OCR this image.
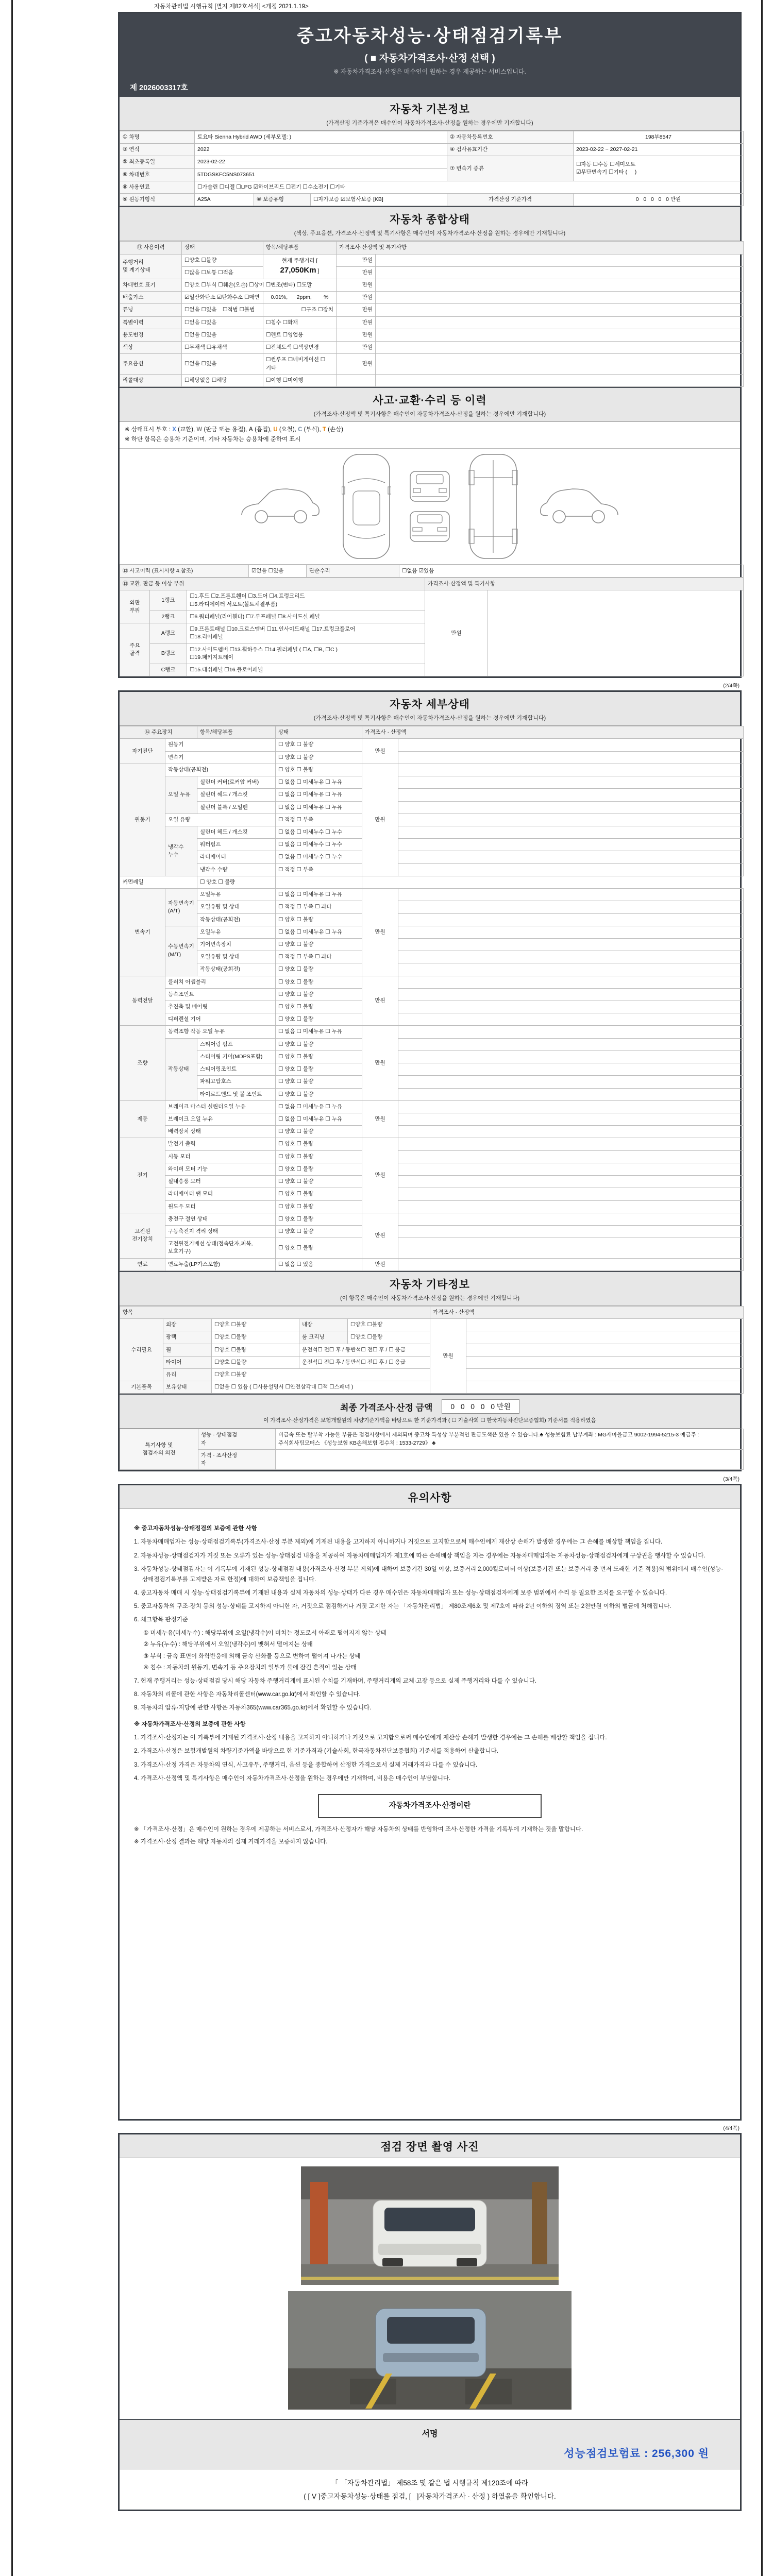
자동차관리법 시행규칙 [별지 제82호서식] <개정 2021.1.19>
중고자동차성능·상태점검기록부
( ■ 자동차가격조사·산정 선택 )
※ 자동차가격조사·산정은 매수인이 원하는 경우 제공하는 서비스입니다.
제 2026003317호
자동차 기본정보
(가격산정 기준가격은 매수인이 자동차가격조사·산정을 원하는 경우에만 기재합니다)
① 차명	토요타 Sienna Hybrid AWD (세부모델: )			② 자동차등록번호	198부8547
③ 연식	2022			④ 검사유효기간	2023-02-22 ~ 2027-02-21
⑤ 최초등록일	2023-02-22			⑦ 변속기 종류	☐자동 ☐수동 ☐세미오토
☑무단변속기 ☐기타 (     )
⑥ 차대번호	5TDGSKFC5NS073651				
⑧ 사용연료	☐가솔린 ☐디젤 ☐LPG ☑하이브리드 ☐전기 ☐수소전기 ☐기타				
⑨ 원동기형식	A25A	⑩ 보증유형	☐자가보증 ☑보험사보증 [KB]	가격산정 기준가격	0   0   0   0   0 만원
자동차 종합상태
(색상, 주요옵션, 가격조사·산정액 및 특기사항은 매수인이 자동차가격조사·산정을 원하는 경우에만 기재합니다)
⑪ 사용이력	상태	항목/해당부품	가격조사·산정액 및 특기사항	
주행거리
및 계기상태	☐양호 ☐불량	현재 주행거리 [ 27,050Km ]	만원	
	☐많음 ☐보통 ☐적음		만원	
차대번호 표기	☐양호 ☐부식 ☐훼손(오손) ☐상이 ☐변조(변타) ☐도말		만원	
배출가스	☑일산화탄소 ☑탄화수소 ☐매연	0.01%,      2ppm,        %	만원	
튜닝	☐없음 ☐있음    ☐적법 ☐불법	☐구조 ☐장치	만원	
특별이력	☐없음 ☐있음	☐침수 ☐화재	만원	
용도변경	☐없음 ☐있음	☐렌트 ☐영업용	만원	
색상	☐무채색 ☐유채색	☐전체도색 ☐색상변경	만원	
주요옵션	☐없음 ☐있음	☐썬루프 ☐네비게이션 ☐기타	만원	
리콜대상	☐해당없음 ☐해당	☐이행 ☐미이행		
사고·교환·수리 등 이력
(가격조사·산정액 및 특기사항은 매수인이 자동차가격조사·산정을 원하는 경우에만 기재합니다)
※ 상태표시 부호 : X (교환), W (판금 또는 용접), A (흠집), U (요철), C (부식), T (손상)
※ 하단 항목은 승용차 기준이며, 기타 자동차는 승용차에 준하여 표시
⑫ 사고이력 (표시사항 4.참조)	☑없음 ☐있음	단순수리	☐없음 ☑있음
⑬ 교환, 판금 등 이상 부위			가격조사·산정액 및 특기사항	
외판
부위	1랭크	☐1.후드 ☐2.프론트휀더 ☐3.도어 ☐4.트렁크리드
☐5.라디에이터 서포트(볼트체결부품)	만원	
	2랭크	☐6.쿼터패널(리어휀다) ☐7.루프패널 ☐8.사이드실 패널		
주요
골격	A랭크	☐9.프론트패널 ☐10.크로스멤버 ☐11.인사이드패널 ☐17.트렁크플로어
☐18.리어패널		
	B랭크	☐12.사이드멤버 ☐13.휠하우스 ☐14.필러패널 ( ☐A, ☐B, ☐C )
☐19.패키지트레이		
	C랭크	☐15.대쉬패널 ☐16.플로어패널		
(2/4쪽)
자동차 세부상태
(가격조사·산정액 및 특기사항은 매수인이 자동차가격조사·산정을 원하는 경우에만 기재합니다)
⑭ 주요장치		항목/해당부품	상태	가격조사 · 산정액	
자기진단	원동기		☐ 양호 ☐ 불량	만원	
	변속기		☐ 양호 ☐ 불량		
원동기	작동상태(공회전)		☐ 양호 ☐ 불량	만원	
	오일 누유	실린더 커버(로커암 커버)	☐ 없음 ☐ 미세누유 ☐ 누유		
		실린더 헤드 / 개스킷	☐ 없음 ☐ 미세누유 ☐ 누유		
		실린더 블록 / 오일팬	☐ 없음 ☐ 미세누유 ☐ 누유		
	오일 유량		☐ 적정 ☐ 부족		
	냉각수
누수	실린더 헤드 / 개스킷	☐ 없음 ☐ 미세누수 ☐ 누수		
		워터펌프	☐ 없음 ☐ 미세누수 ☐ 누수		
		라디에이터	☐ 없음 ☐ 미세누수 ☐ 누수		
		냉각수 수량	☐ 적정 ☐ 부족		
커먼레일		☐ 양호 ☐ 불량			
변속기	자동변속기
(A/T)	오일누유	☐ 없음 ☐ 미세누유 ☐ 누유	만원	
		오일유량 및 상태	☐ 적정 ☐ 부족 ☐ 과다		
		작동상태(공회전)	☐ 양호 ☐ 불량		
	수동변속기
(M/T)	오일누유	☐ 없음 ☐ 미세누유 ☐ 누유		
		기어변속장치	☐ 양호 ☐ 불량		
		오일유량 및 상태	☐ 적정 ☐ 부족 ☐ 과다		
		작동상태(공회전)	☐ 양호 ☐ 불량		
동력전달	클러치 어셈블리		☐ 양호 ☐ 불량	만원	
	등속조인트		☐ 양호 ☐ 불량		
	추진축 및 베어링		☐ 양호 ☐ 불량		
	디퍼렌셜 기어		☐ 양호 ☐ 불량		
조향	동력조향 작동 오일 누유		☐ 없음 ☐ 미세누유 ☐ 누유	만원	
	작동상태	스티어링 펌프	☐ 양호 ☐ 불량		
		스티어링 기어(MDPS포함)	☐ 양호 ☐ 불량		
		스티어링조인트	☐ 양호 ☐ 불량		
		파워고압호스	☐ 양호 ☐ 불량		
		타이로드엔드 및 볼 조인트	☐ 양호 ☐ 불량		
제동	브레이크 마스터 실린더오일 누유		☐ 없음 ☐ 미세누유 ☐ 누유	만원	
	브레이크 오일 누유		☐ 없음 ☐ 미세누유 ☐ 누유		
	배력장치 상태		☐ 양호 ☐ 불량		
전기	발전기 출력		☐ 양호 ☐ 불량	만원	
	시동 모터		☐ 양호 ☐ 불량		
	와이퍼 모터 기능		☐ 양호 ☐ 불량		
	실내송풍 모터		☐ 양호 ☐ 불량		
	라디에이터 팬 모터		☐ 양호 ☐ 불량		
	윈도우 모터		☐ 양호 ☐ 불량		
고전원
전기장치	충전구 절연 상태		☐ 양호 ☐ 불량	만원	
	구동축전지 격리 상태		☐ 양호 ☐ 불량		
	고전원전기배선 상태(접속단자,피복,보호기구)		☐ 양호 ☐ 불량		
연료	연료누출(LP가스포함)		☐ 없음 ☐ 있음	만원	
자동차 기타정보
(이 항목은 매수인이 자동차가격조사·산정을 원하는 경우에만 기재합니다)
항목					가격조사 · 산정액	
수리필요	외장	☐양호 ☐불량	내장	☐양호 ☐불량	만원	
	광택	☐양호 ☐불량	룸 크리닝	☐양호 ☐불량		
	휠	☐양호 ☐불량	운전석☐ 전☐ 후 / 동반석☐ 전☐ 후 / ☐ 응급			
	타이어	☐양호 ☐불량	운전석☐ 전☐ 후 / 동반석☐ 전☐ 후 / ☐ 응급			
	유리	☐양호 ☐불량				
기본품목	보유상태	☐없음 ☐ 있음 ( ☐사용설명서 ☐안전삼각대 ☐잭 ☐스패너 )				
최종 가격조사·산정 금액	0   0   0   0   0 만원
이 가격조사·산정가격은 보험개발원의 차량기준가액을 바탕으로 한 기준가격과 ( ☐ 기술사회 ☐ 한국자동차진단보증협회) 기준서를 적용하였음
특기사항 및
점검자의 의견	성능 · 상태점검
자	비금속 또는 탈부착 가능한 부품은 점검사항에서 제외되며 중고차 특성상 부분적인 판금도색은 있을 수 있습니다.♣ 성능보험료 납부계좌 : MG새마을금고 9002-1994-5215-3 예금주 : 주식회사팀모터스 《성능보험 KB손해보험 접수처 : 1533-2729》 ♣
	가격 · 조사산정
자	
(3/4쪽)
유의사항
※ 중고자동차성능·상태점검의 보증에 관한 사항
1. 자동차매매업자는 성능·상태점검기록부(가격조사·산정 부분 제외)에 기재된 내용을 고지하지 아니하거나 거짓으로 고지함으로써 매수인에게 재산상 손해가 발생한 경우에는 그 손해를 배상할 책임을 집니다.
2. 자동차성능·상태점검자가 거짓 또는 오류가 있는 성능·상태점검 내용을 제공하여 자동차매매업자가 제1호에 따른 손해배상 책임을 지는 경우에는 자동차매매업자는 자동차성능·상태점검자에게 구상권을 행사할 수 있습니다.
3. 자동차성능·상태점검자는 이 기록부에 기재된 성능·상태점검 내용(가격조사·산정 부분 제외)에 대하여 보증기간 30일 이상, 보증거리 2,000킬로미터 이상(보증기간 또는 보증거리 중 먼저 도래한 기준 적용)의 범위에서 매수인(성능·상태점검기록부를 고지받은 자로 한정)에 대하여 보증책임을 집니다.
4. 중고자동차 매매 시 성능·상태점검기록부에 기재된 내용과 실제 자동차의 성능·상태가 다른 경우 매수인은 자동차매매업자 또는 성능·상태점검자에게 보증 범위에서 수리 등 필요한 조치를 요구할 수 있습니다.
5. 중고자동차의 구조·장치 등의 성능·상태를 고지하지 아니한 자, 거짓으로 점검하거나 거짓 고지한 자는 「자동차관리법」 제80조제6호 및 제7호에 따라 2년 이하의 징역 또는 2천만원 이하의 벌금에 처해집니다.
6. 체크항목 판정기준
① 미세누유(미세누수) : 해당부위에 오일(냉각수)이 비치는 정도로서 아래로 떨어지지 않는 상태
② 누유(누수) : 해당부위에서 오일(냉각수)이 맺혀서 떨어지는 상태
③ 부식 : 금속 표면이 화학반응에 의해 금속 산화물 등으로 변하여 떨어져 나가는 상태
④ 침수 : 자동차의 원동기, 변속기 등 주요장치의 일부가 물에 잠긴 흔적이 있는 상태
7. 현재 주행거리는 성능·상태점검 당시 해당 자동차 주행거리계에 표시된 수치를 기재하며, 주행거리계의 교체·고장 등으로 실제 주행거리와 다를 수 있습니다.
8. 자동차의 리콜에 관한 사항은 자동차리콜센터(www.car.go.kr)에서 확인할 수 있습니다.
9. 자동차의 압류·저당에 관한 사항은 자동차365(www.car365.go.kr)에서 확인할 수 있습니다.
※ 자동차가격조사·산정의 보증에 관한 사항
1. 가격조사·산정자는 이 기록부에 기재된 가격조사·산정 내용을 고지하지 아니하거나 거짓으로 고지함으로써 매수인에게 재산상 손해가 발생한 경우에는 그 손해를 배상할 책임을 집니다.
2. 가격조사·산정은 보험개발원의 차량기준가액을 바탕으로 한 기준가격과 (기술사회, 한국자동차진단보증협회) 기준서를 적용하여 산출합니다.
3. 가격조사·산정 가격은 자동차의 연식, 사고유무, 주행거리, 옵션 등을 종합하여 산정한 가격으로서 실제 거래가격과 다를 수 있습니다.
4. 가격조사·산정액 및 특기사항은 매수인이 자동차가격조사·산정을 원하는 경우에만 기재하며, 비용은 매수인이 부담합니다.
자동차가격조사·산정이란
※ 「가격조사·산정」은 매수인이 원하는 경우에 제공하는 서비스로서, 가격조사·산정자가 해당 자동차의 상태를 반영하여 조사·산정한 가격을 기록부에 기재하는 것을 말합니다.
※ 가격조사·산정 결과는 해당 자동차의 실제 거래가격을 보증하지 않습니다.
(4/4쪽)
점검 장면 촬영 사진
서명
성능점검보험료 : 256,300 원
「 「자동차관리법」 제58조 및 같은 법 시행규칙 제120조에 따라
( [ V ]중고자동차성능·상태를 점검, [   ]자동차가격조사 · 산정 ) 하였음을 확인합니다.
